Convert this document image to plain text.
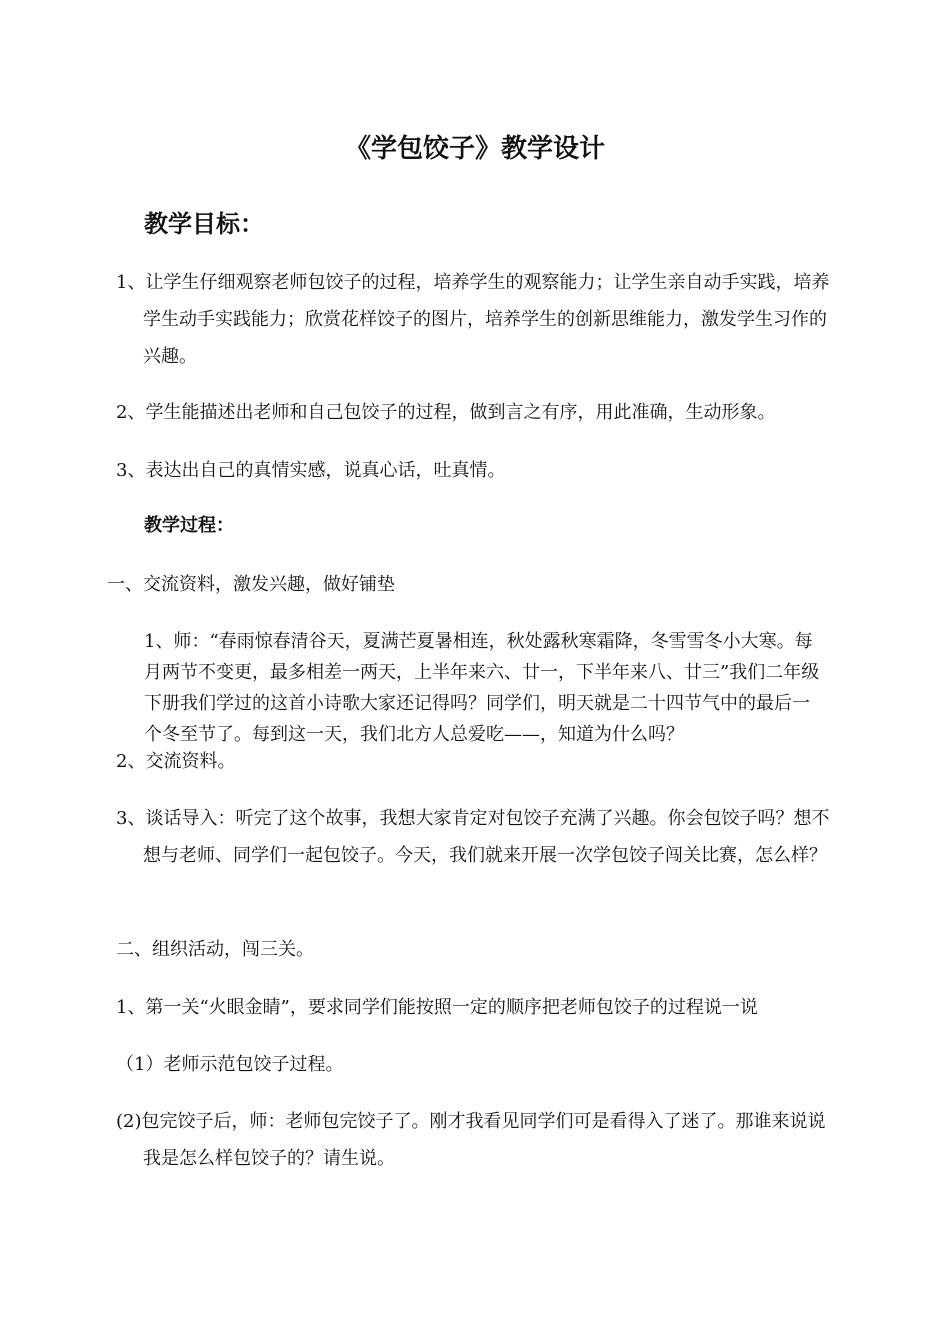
《学包饺子》教学设计
教学目标：
1、让学生仔细观察老师包饺子的过程，培养学生的观察能力；让学生亲自动手实践，培养学生动手实践能力；欣赏花样饺子的图片，培养学生的创新思维能力，激发学生习作的兴趣。
2、学生能描述出老师和自己包饺子的过程，做到言之有序，用此准确，生动形象。
3、表达出自己的真情实感，说真心话，吐真情。
教学过程：
一、交流资料，激发兴趣，做好铺垫
1、师：“春雨惊春清谷天，夏满芒夏暑相连，秋处露秋寒霜降，冬雪雪冬小大寒。每月两节不变更，最多相差一两天，上半年来六、廿一，下半年来八、廿三”我们二年级下册我们学过的这首小诗歌大家还记得吗？同学们，明天就是二十四节气中的最后一个冬至节了。每到这一天，我们北方人总爱吃——，知道为什么吗？
2、交流资料。
3、谈话导入：听完了这个故事，我想大家肯定对包饺子充满了兴趣。你会包饺子吗？想不想与老师、同学们一起包饺子。今天，我们就来开展一次学包饺子闯关比赛，怎么样？
二、组织活动，闯三关。
1、第一关“火眼金睛”，要求同学们能按照一定的顺序把老师包饺子的过程说一说
（1）老师示范包饺子过程。
(2)包完饺子后，师：老师包完饺子了。刚才我看见同学们可是看得入了迷了。那谁来说说我是怎么样包饺子的？请生说。
